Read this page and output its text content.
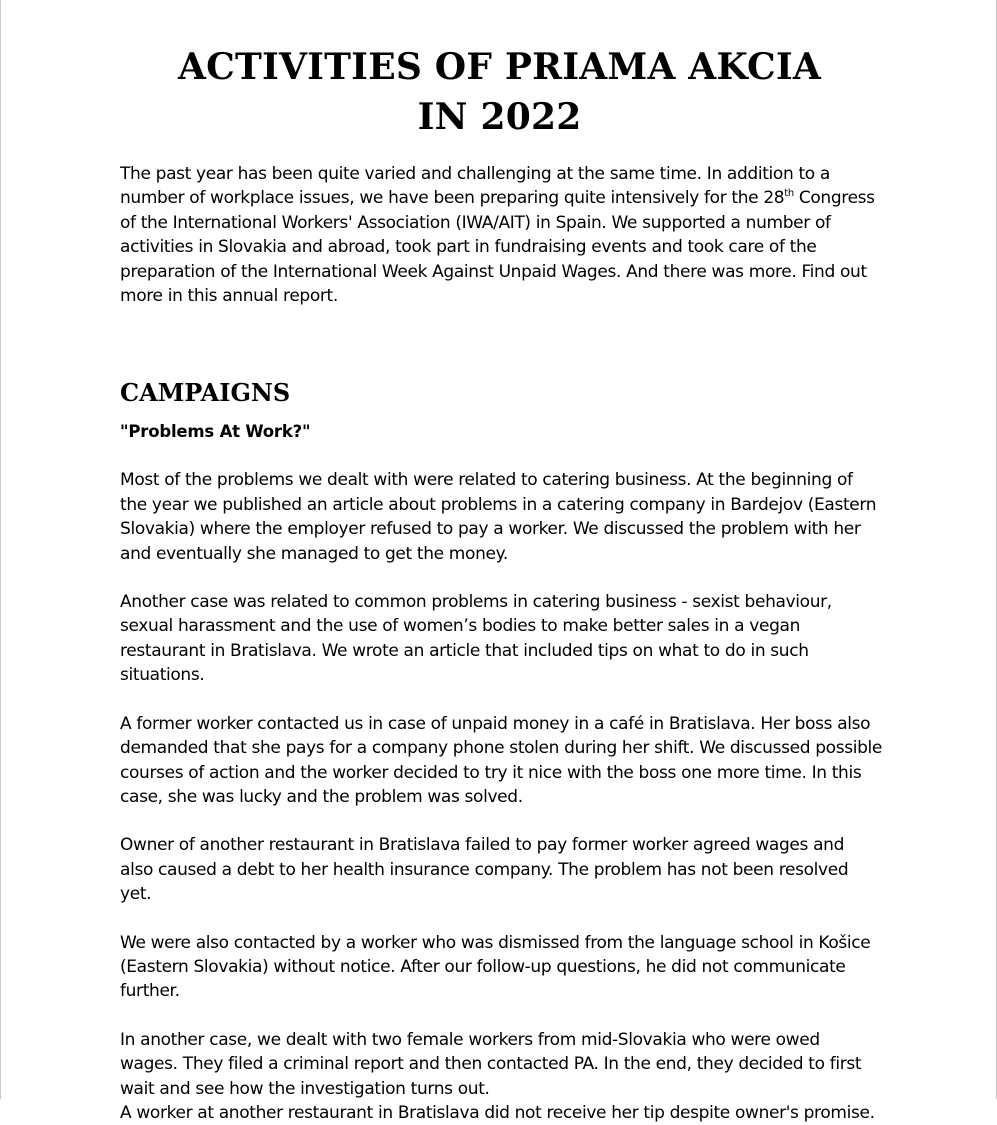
ACTIVITIES OF PRIAMA AKCIA
IN 2022

The past year has been quite varied and challenging at the same time. In addition to a number of workplace issues, we have been preparing quite intensively for the 28th Congress of the International Workers' Association (IWA/AIT) in Spain. We supported a number of activities in Slovakia and abroad, took part in fundraising events and took care of the preparation of the International Week Against Unpaid Wages. And there was more. Find out more in this annual report.

CAMPAIGNS

"Problems At Work?"

Most of the problems we dealt with were related to catering business. At the beginning of the year we published an article about problems in a catering company in Bardejov (Eastern Slovakia) where the employer refused to pay a worker. We discussed the problem with her and eventually she managed to get the money.

Another case was related to common problems in catering business - sexist behaviour, sexual harassment and the use of women’s bodies to make better sales in a vegan restaurant in Bratislava. We wrote an article that included tips on what to do in such situations.

A former worker contacted us in case of unpaid money in a café in Bratislava. Her boss also demanded that she pays for a company phone stolen during her shift. We discussed possible courses of action and the worker decided to try it nice with the boss one more time. In this case, she was lucky and the problem was solved.

Owner of another restaurant in Bratislava failed to pay former worker agreed wages and also caused a debt to her health insurance company. The problem has not been resolved yet.

We were also contacted by a worker who was dismissed from the language school in Košice (Eastern Slovakia) without notice. After our follow-up questions, he did not communicate further.

In another case, we dealt with two female workers from mid-Slovakia who were owed wages. They filed a criminal report and then contacted PA. In the end, they decided to first wait and see how the investigation turns out.

A worker at another restaurant in Bratislava did not receive her tip despite owner's promise.
